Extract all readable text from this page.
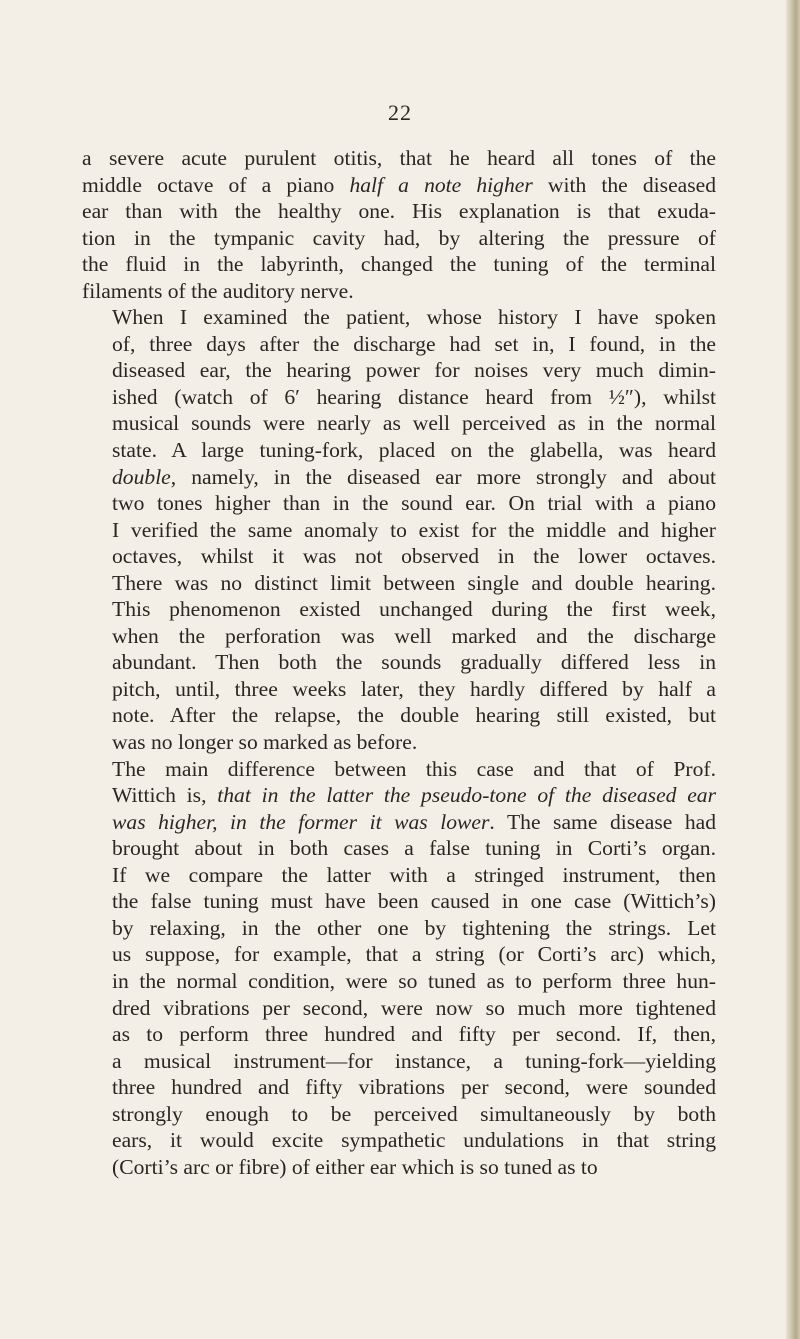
22

a severe acute purulent otitis, that he heard all tones of the
middle octave of a piano half a note higher with the diseased
ear than with the healthy one. His explanation is that exuda-
tion in the tympanic cavity had, by altering the pressure of
the fluid in the labyrinth, changed the tuning of the terminal
filaments of the auditory nerve.

When I examined the patient, whose history I have spoken
of, three days after the discharge had set in, I found, in the
diseased ear, the hearing power for noises very much dimin-
ished (watch of 6′ hearing distance heard from ½″), whilst
musical sounds were nearly as well perceived as in the normal
state. A large tuning-fork, placed on the glabella, was heard
double, namely, in the diseased ear more strongly and about
two tones higher than in the sound ear. On trial with a piano
I verified the same anomaly to exist for the middle and higher
octaves, whilst it was not observed in the lower octaves.
There was no distinct limit between single and double hearing.
This phenomenon existed unchanged during the first week,
when the perforation was well marked and the discharge
abundant. Then both the sounds gradually differed less in
pitch, until, three weeks later, they hardly differed by half a
note. After the relapse, the double hearing still existed, but
was no longer so marked as before.

The main difference between this case and that of Prof.
Wittich is, that in the latter the pseudo-tone of the diseased ear
was higher, in the former it was lower. The same disease had
brought about in both cases a false tuning in Corti’s organ.
If we compare the latter with a stringed instrument, then
the false tuning must have been caused in one case (Wittich’s)
by relaxing, in the other one by tightening the strings. Let
us suppose, for example, that a string (or Corti’s arc) which,
in the normal condition, were so tuned as to perform three hun-
dred vibrations per second, were now so much more tightened
as to perform three hundred and fifty per second. If, then,
a musical instrument—for instance, a tuning-fork—yielding
three hundred and fifty vibrations per second, were sounded
strongly enough to be perceived simultaneously by both
ears, it would excite sympathetic undulations in that string
(Corti’s arc or fibre) of either ear which is so tuned as to
